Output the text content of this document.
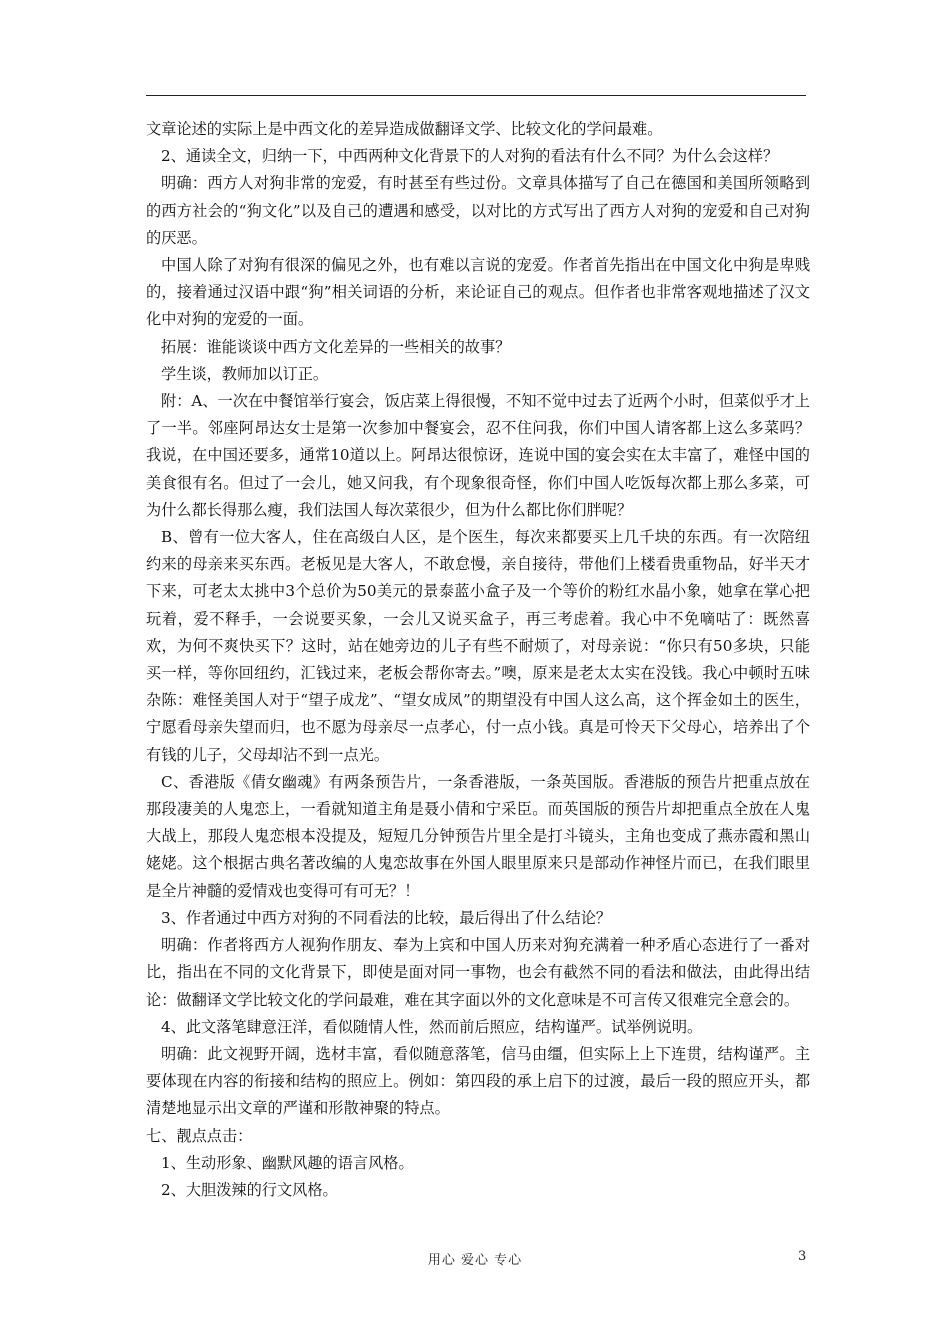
文章论述的实际上是中西文化的差异造成做翻译文学、比较文化的学问最难。

2、通读全文，归纳一下，中西两种文化背景下的人对狗的看法有什么不同？为什么会这样？

明确：西方人对狗非常的宠爱，有时甚至有些过份。文章具体描写了自己在德国和美国所领略到的西方社会的“狗文化”以及自己的遭遇和感受，以对比的方式写出了西方人对狗的宠爱和自己对狗的厌恶。

中国人除了对狗有很深的偏见之外，也有难以言说的宠爱。作者首先指出在中国文化中狗是卑贱的，接着通过汉语中跟“狗”相关词语的分析，来论证自己的观点。但作者也非常客观地描述了汉文化中对狗的宠爱的一面。

拓展：谁能谈谈中西方文化差异的一些相关的故事？

学生谈，教师加以订正。

附：A、一次在中餐馆举行宴会，饭店菜上得很慢，不知不觉中过去了近两个小时，但菜似乎才上了一半。邻座阿昂达女士是第一次参加中餐宴会，忍不住问我，你们中国人请客都上这么多菜吗？我说，在中国还要多，通常10道以上。阿昂达很惊讶，连说中国的宴会实在太丰富了，难怪中国的美食很有名。但过了一会儿，她又问我，有个现象很奇怪，你们中国人吃饭每次都上那么多菜，可为什么都长得那么瘦，我们法国人每次菜很少，但为什么都比你们胖呢？

B、曾有一位大客人，住在高级白人区，是个医生，每次来都要买上几千块的东西。有一次陪纽约来的母亲来买东西。老板见是大客人，不敢怠慢，亲自接待，带他们上楼看贵重物品，好半天才下来，可老太太挑中3个总价为50美元的景泰蓝小盒子及一个等价的粉红水晶小象，她拿在掌心把玩着，爱不释手，一会说要买象，一会儿又说买盒子，再三考虑着。我心中不免嘀咕了：既然喜欢，为何不爽快买下？这时，站在她旁边的儿子有些不耐烦了，对母亲说：“你只有50多块，只能买一样，等你回纽约，汇钱过来，老板会帮你寄去。”噢，原来是老太太实在没钱。我心中顿时五味杂陈：难怪美国人对于“望子成龙”、“望女成凤”的期望没有中国人这么高，这个挥金如土的医生，宁愿看母亲失望而归，也不愿为母亲尽一点孝心，付一点小钱。真是可怜天下父母心，培养出了个有钱的儿子，父母却沾不到一点光。

C、香港版《倩女幽魂》有两条预告片，一条香港版，一条英国版。香港版的预告片把重点放在那段凄美的人鬼恋上，一看就知道主角是聂小倩和宁采臣。而英国版的预告片却把重点全放在人鬼大战上，那段人鬼恋根本没提及，短短几分钟预告片里全是打斗镜头，主角也变成了燕赤霞和黑山姥姥。这个根据古典名著改编的人鬼恋故事在外国人眼里原来只是部动作神怪片而已，在我们眼里是全片神髓的爱情戏也变得可有可无？！

3、作者通过中西方对狗的不同看法的比较，最后得出了什么结论？

明确：作者将西方人视狗作朋友、奉为上宾和中国人历来对狗充满着一种矛盾心态进行了一番对比，指出在不同的文化背景下，即使是面对同一事物，也会有截然不同的看法和做法，由此得出结论：做翻译文学比较文化的学问最难，难在其字面以外的文化意味是不可言传又很难完全意会的。

4、此文落笔肆意汪洋，看似随情人性，然而前后照应，结构谨严。试举例说明。

明确：此文视野开阔，选材丰富，看似随意落笔，信马由缰，但实际上上下连贯，结构谨严。主要体现在内容的衔接和结构的照应上。例如：第四段的承上启下的过渡，最后一段的照应开头，都清楚地显示出文章的严谨和形散神聚的特点。

七、靓点点击：

1、生动形象、幽默风趣的语言风格。

2、大胆泼辣的行文风格。

用心 爱心 专心	3
